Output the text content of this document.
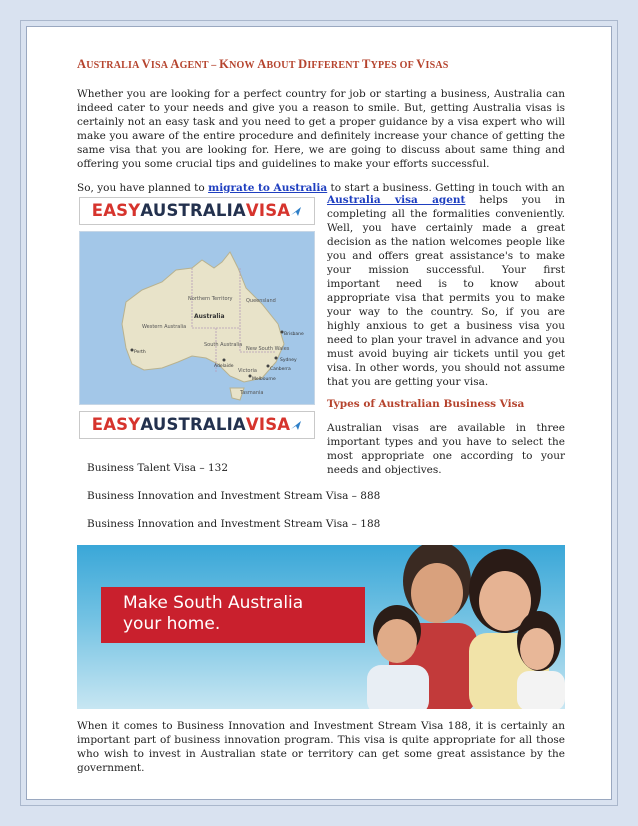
AUSTRALIA VISA AGENT – KNOW ABOUT DIFFERENT TYPES OF VISAS

Whether you are looking for a perfect country for job or starting a business, Australia can indeed cater to your needs and give you a reason to smile. But, getting Australia visas is certainly not an easy task and you need to get a proper guidance by a visa expert who will make you aware of the entire procedure and definitely increase your chance of getting the same visa that you are looking for. Here, we are going to discuss about same thing and offering you some crucial tips and guidelines to make your efforts successful.

So, you have planned to migrate to Australia to start a business. Getting in touch with an

EASY AUSTRALIA VISA
Northern Territory	Queensland
Western Australia
Australia
South Australia
New South Wales
Victoria
Tasmania
Perth
Brisbane
Sydney
Melbourne
Adelaide
Canberra
EASY AUSTRALIA VISA

Australia visa agent helps you in completing all the formalities conveniently. Well, you have certainly made a great decision as the nation welcomes people like you and offers great assistance's to make your mission successful. Your first important need is to know about appropriate visa that permits you to make your way to the country. So, if you are highly anxious to get a business visa you need to plan your travel in advance and you must avoid buying air tickets until you get visa. In other words, you should not assume that you are getting your visa.

Types of Australian Business Visa

Australian visas are available in three important types and you have to select the most appropriate one according to your needs and objectives.

Business Talent Visa – 132
Business Innovation and Investment Stream Visa – 888
Business Innovation and Investment Stream Visa – 188
Make South Australia
your home.

When it comes to Business Innovation and Investment Stream Visa 188, it is certainly an important part of business innovation program. This visa is quite appropriate for all those who wish to invest in Australian state or territory can get some great assistance by the government.
